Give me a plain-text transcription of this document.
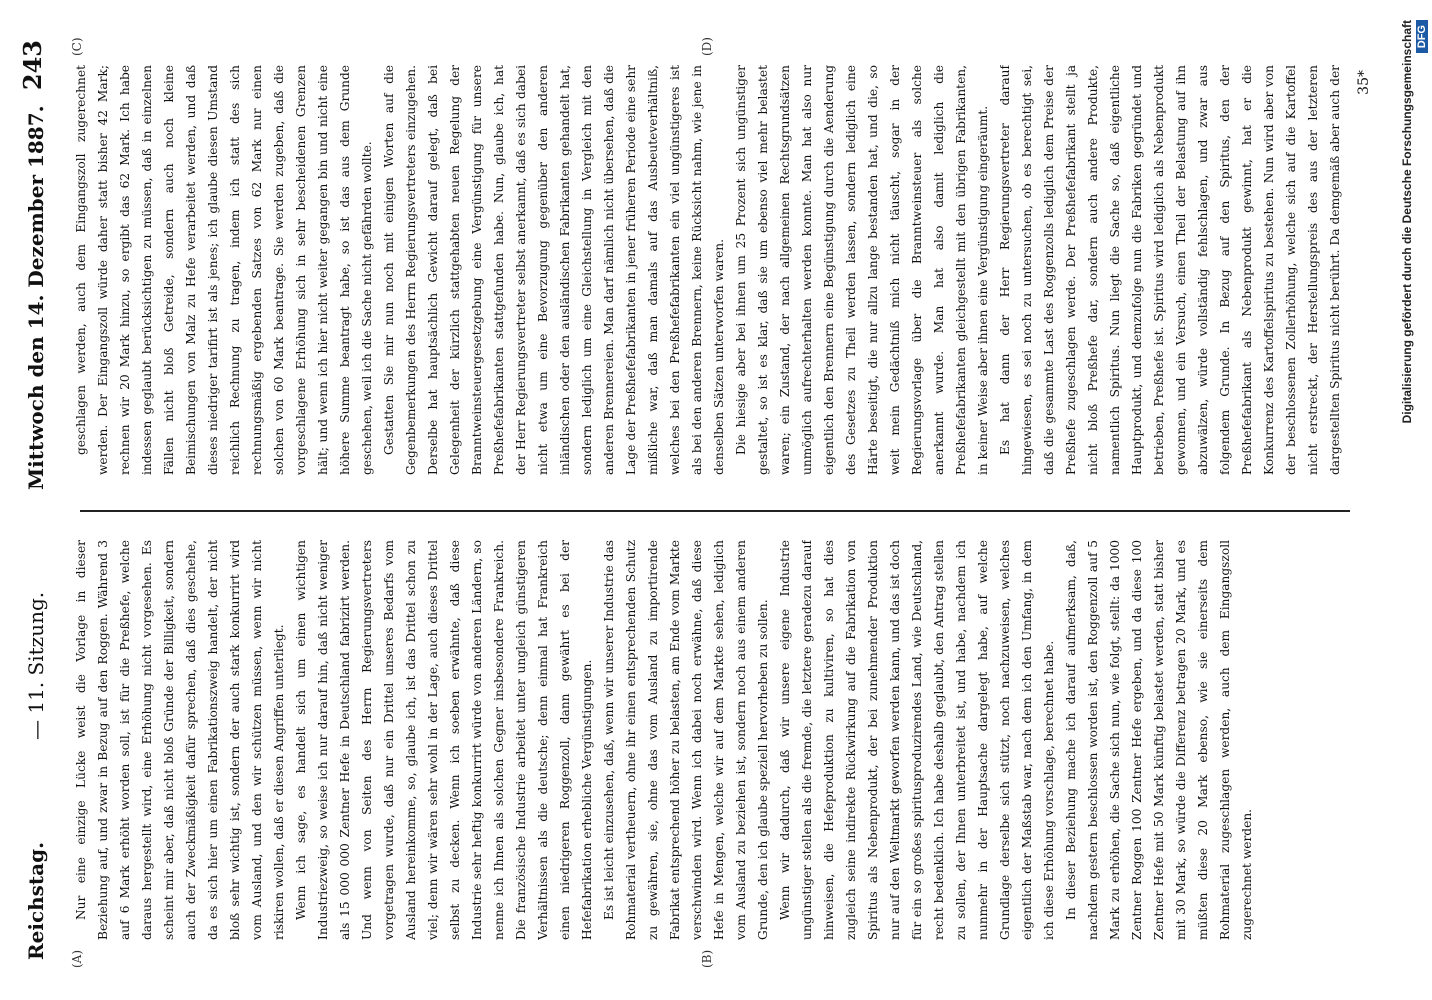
Reichstag.
— 11. Sitzung.
Mittwoch den 14. Dezember 1887.
243
(A)	(B)
(C)	(D)

Nur eine einzige Lücke weist die Vorlage in dieser Beziehung auf, und zwar in Bezug auf den Roggen. Während 3 auf 6 Mark erhöht worden soll, ist für die Preßhefe, welche daraus hergestellt wird, eine Erhöhung nicht vorgesehen. Es scheint mir aber, daß nicht bloß Gründe der Billigkeit, sondern auch der Zweckmäßigkeit dafür sprechen, daß dies geschehe, da es sich hier um einen Fabrikationszweig handelt, der nicht bloß sehr wichtig ist, sondern der auch stark konkurrirt wird vom Ausland, und den wir schützen müssen, wenn wir nicht riskiren wollen, daß er diesen Angriffen unterliegt. Wenn ich sage, es handelt sich um einen wichtigen Industriezweig, so weise ich nur darauf hin, daß nicht weniger als 15 000 000 Zentner Hefe in Deutschland fabrizirt werden. Und wenn von Seiten des Herrn Regierungsvertreters vorgetragen wurde, daß nur ein Drittel unseres Bedarfs vom Ausland hereinkomme, so, glaube ich, ist das Drittel schon zu viel; denn wir wären sehr wohl in der Lage, auch dieses Drittel selbst zu decken. Wenn ich soeben erwähnte, daß diese Industrie sehr heftig konkurrirt würde von anderen Ländern, so nenne ich Ihnen als solchen Gegner insbesondere Frankreich. Die französische Industrie arbeitet unter ungleich günstigeren Verhältnissen als die deutsche; denn einmal hat Frankreich einen niedrigeren Roggenzoll, dann gewährt es bei der Hefefabrikation erhebliche Vergünstigungen. Es ist leicht einzusehen, daß, wenn wir unserer Industrie das Rohmaterial vertheuern, ohne ihr einen entsprechenden Schutz zu gewähren, sie, ohne das vom Ausland zu importirende Fabrikat entsprechend höher zu belasten, am Ende vom Markte verschwinden wird. Wenn ich dabei noch erwähne, daß diese Hefe in Mengen, welche wir auf dem Markte sehen, lediglich vom Ausland zu beziehen ist, sondern noch aus einem anderen Grunde, den ich glaube speziell hervorheben zu sollen. Wenn wir dadurch, daß wir unsere eigene Industrie ungünstiger stellen als die fremde, die letztere geradezu darauf hinweisen, die Hefeproduktion zu kultiviren, so hat dies zugleich seine indirekte Rückwirkung auf die Fabrikation von Spiritus als Nebenprodukt, der bei zunehmender Produktion nur auf den Weltmarkt geworfen werden kann, und das ist doch für ein so großes spiritusproduzirendes Land, wie Deutschland, recht bedenklich. Ich habe deshalb geglaubt, den Antrag stellen zu sollen, der Ihnen unterbreitet ist, und habe, nachdem ich nunmehr in der Hauptsache dargelegt habe, auf welche Grundlage derselbe sich stützt, noch nachzuweisen, welches eigentlich der Maßstab war, nach dem ich den Umfang, in dem ich diese Erhöhung vorschlage, berechnet habe. In dieser Beziehung mache ich darauf aufmerksam, daß, nachdem gestern beschlossen worden ist, den Roggenzoll auf 5 Mark zu erhöhen, die Sache sich nun, wie folgt, stellt: da 1000 Zentner Roggen 100 Zentner Hefe ergeben, und da diese 100 Zentner Hefe mit 50 Mark künftig belastet werden, statt bisher mit 30 Mark, so würde die Differenz betragen 20 Mark, und es müßten diese 20 Mark ebenso, wie sie einerseits dem Rohmaterial zugeschlagen werden, auch dem Eingangszoll zugerechnet werden.

geschlagen werden, auch dem Eingangszoll zugerechnet werden. Der Eingangszoll würde daher statt bisher 42 Mark; rechnen wir 20 Mark hinzu, so ergibt das 62 Mark. Ich habe indessen geglaubt berücksichtigen zu müssen, daß in einzelnen Fällen nicht bloß Getreide, sondern auch noch kleine Beimischungen von Malz zu Hefe verarbeitet werden, und daß dieses niedriger tarifirt ist als jenes; ich glaube diesen Umstand reichlich Rechnung zu tragen, indem ich statt des sich rechnungsmäßig ergebenden Satzes von 62 Mark nur einen solchen von 60 Mark beantrage. Sie werden zugeben, daß die vorgeschlagene Erhöhung sich in sehr bescheidenen Grenzen hält; und wenn ich hier nicht weiter gegangen bin und nicht eine höhere Summe beantragt habe, so ist das aus dem Grunde geschehen, weil ich die Sache nicht gefährden wollte. Gestatten Sie mir nun noch mit einigen Worten auf die Gegenbemerkungen des Herrn Regierungsvertreters einzugehen. Derselbe hat hauptsächlich Gewicht darauf gelegt, daß bei Gelegenheit der kürzlich stattgehabten neuen Regelung der Branntweinsteuergesetzgebung eine Vergünstigung für unsere Preßhefefabrikanten stattgefunden habe. Nun, glaube ich, hat der Herr Regierungsvertreter selbst anerkannt, daß es sich dabei nicht etwa um eine Bevorzugung gegenüber den anderen inländischen oder den ausländischen Fabrikanten gehandelt hat, sondern lediglich um eine Gleichstellung in Vergleich mit den anderen Brennereien. Man darf nämlich nicht übersehen, daß die Lage der Preßhefefabrikanten in jener früheren Periode eine sehr mißliche war, daß man damals auf das Ausbeuteverhältniß, welches bei den Preßhefefabrikanten ein viel ungünstigeres ist als bei den anderen Brennern, keine Rücksicht nahm, wie jene in denselben Sätzen unterworfen waren. Die hiesige aber bei ihnen um 25 Prozent sich ungünstiger gestaltet, so ist es klar, daß sie um ebenso viel mehr belastet waren; ein Zustand, der nach allgemeinen Rechtsgrundsätzen unmöglich aufrechterhalten werden konnte. Man hat also nur eigentlich den Brennern eine Begünstigung durch die Aenderung des Gesetzes zu Theil werden lassen, sondern lediglich eine Härte beseitigt, die nur allzu lange bestanden hat, und die, so weit mein Gedächtniß mich nicht täuscht, sogar in der Regierungsvorlage über die Branntweinsteuer als solche anerkannt wurde. Man hat also damit lediglich die Preßhefefabrikanten gleichgestellt mit den übrigen Fabrikanten, in keiner Weise aber ihnen eine Vergünstigung eingeräumt. Es hat dann der Herr Regierungsvertreter darauf hingewiesen, es sei noch zu untersuchen, ob es berechtigt sei, daß die gesammte Last des Roggenzolls lediglich dem Preise der Preßhefe zugeschlagen werde. Der Preßhefefabrikant stellt ja nicht bloß Preßhefe dar, sondern auch andere Produkte, namentlich Spiritus. Nun liegt die Sache so, daß eigentliche Hauptprodukt, und demzufolge nun die Fabriken gegründet und betrieben, Preßhefe ist. Spiritus wird lediglich als Nebenprodukt gewonnen, und ein Versuch, einen Theil der Belastung auf ihn abzuwälzen, würde vollständig fehlschlagen, und zwar aus folgendem Grunde. In Bezug auf den Spiritus, den der Preßhefefabrikant als Nebenprodukt gewinnt, hat er die Konkurrenz des Kartoffelspiritus zu bestehen. Nun wird aber von der beschlossenen Zollerhöhung, welche sich auf die Kartoffel nicht erstreckt, der Herstellungspreis des aus der letzteren dargestellten Spiritus nicht berührt. Da demgemäß aber auch der	35* Digitalisierung gefördert durch die Deutsche Forschungsgemeinschaft DFG
